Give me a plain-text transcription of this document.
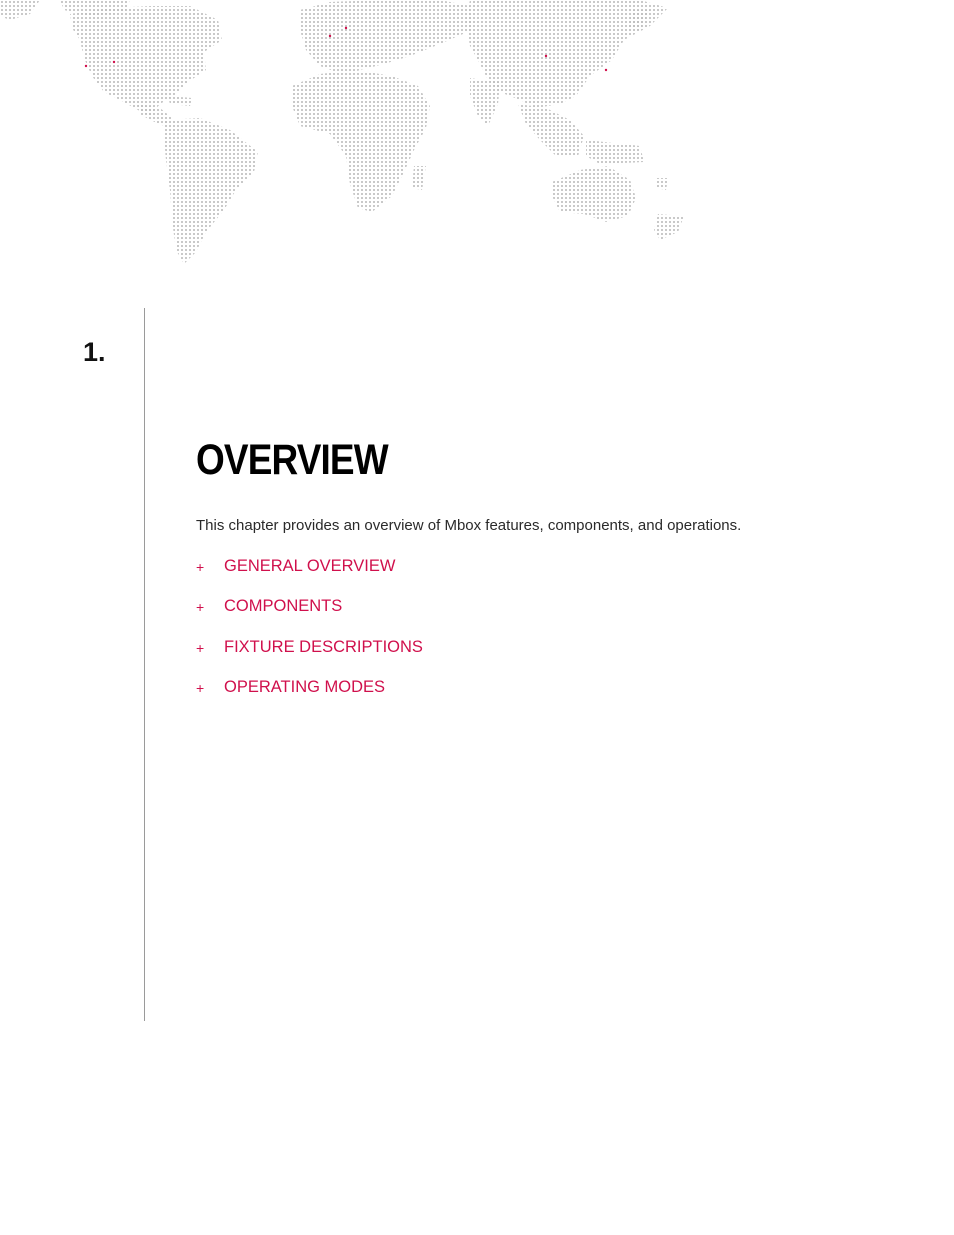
1.
OVERVIEW

This chapter provides an overview of Mbox features, components, and operations.

+	GENERAL OVERVIEW
+	COMPONENTS
+	FIXTURE DESCRIPTIONS
+	OPERATING MODES
